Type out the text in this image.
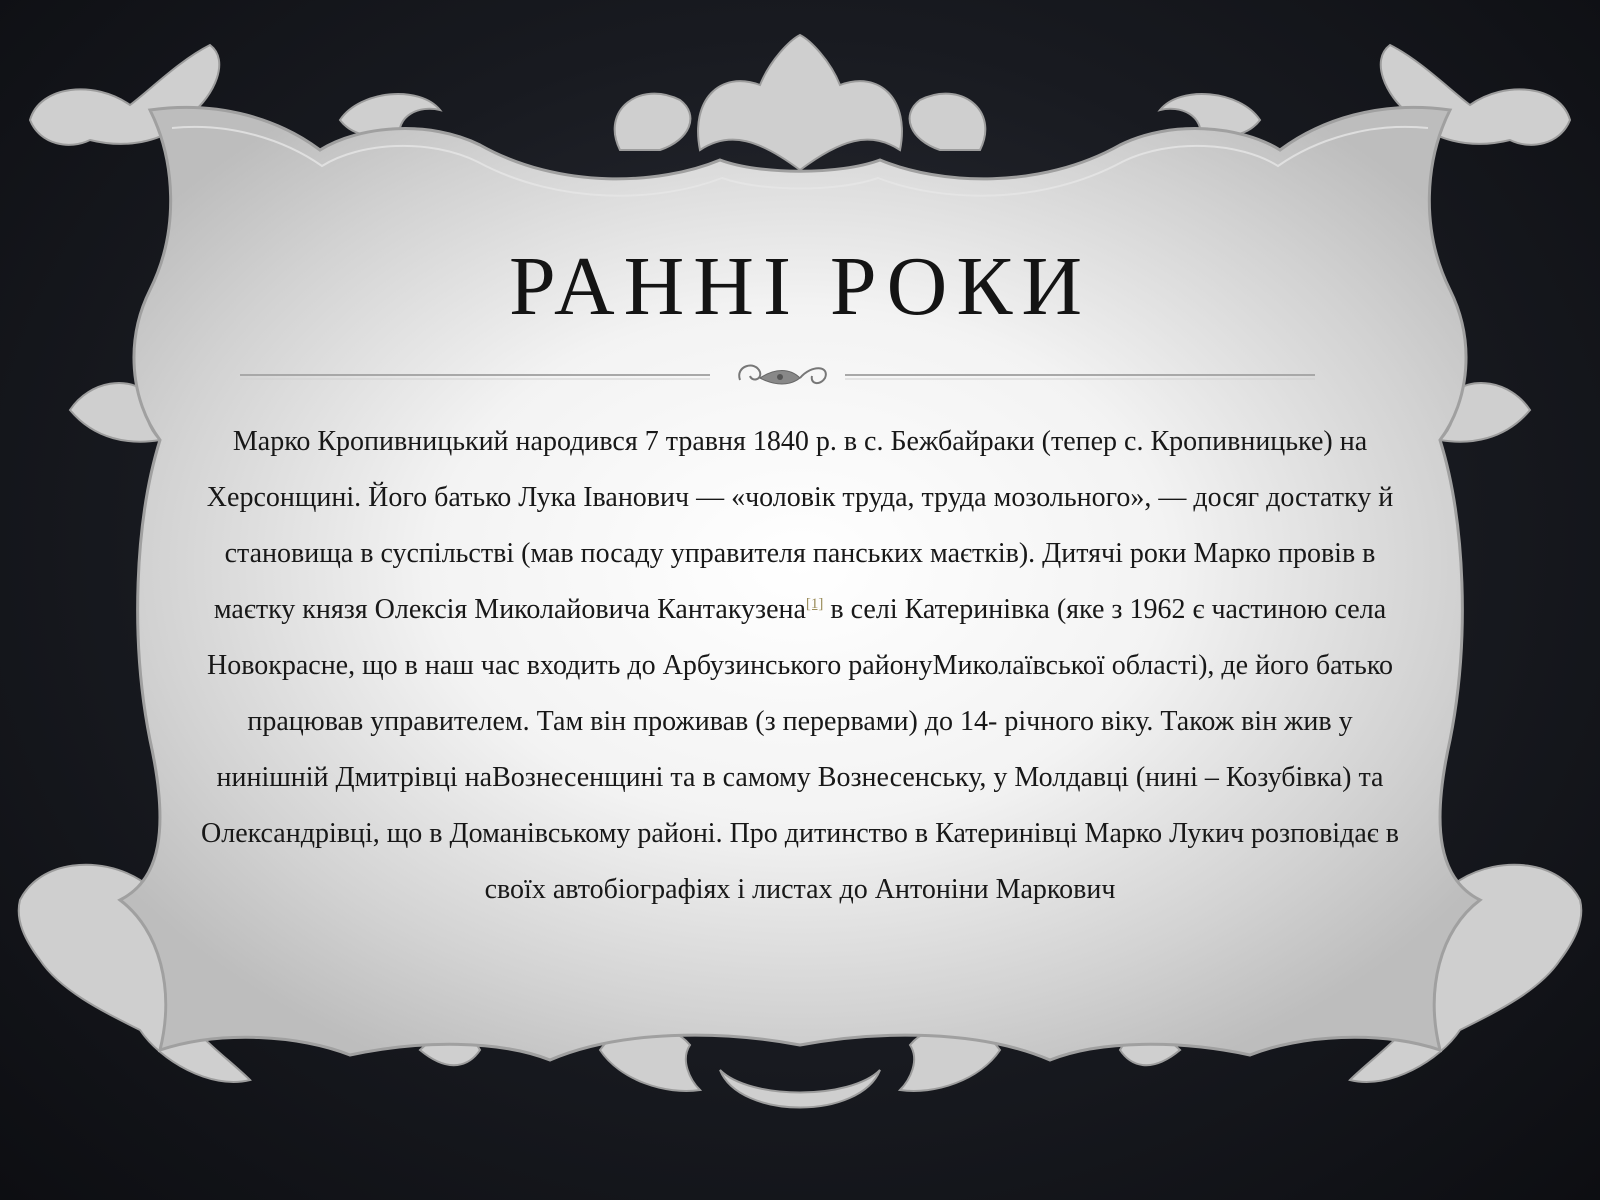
РАННІ РОКИ

Марко Кропивницький народився 7 травня 1840 р. в с. Бежбайраки (тепер с. Кропивницьке) на Херсонщині. Його батько Лука Іванович — «чоловік труда, труда мозольного», — досяг достатку й становища в суспільстві (мав посаду управителя панських маєтків). Дитячі роки Марко провів в маєтку князя Олексія Миколайовича Кантакузена[1] в селі Катеринівка (яке з 1962 є частиною села Новокрасне, що в наш час входить до Арбузинського районуМиколаївської області), де його батько працював управителем. Там він проживав (з перервами) до 14- річного віку. Також він жив у нинішній Дмитрівці наВознесенщині та в самому Вознесенську, у Молдавці (нині – Козубівка) та Олександрівці, що в Доманівському районі. Про дитинство в Катеринівці Марко Лукич розповідає в своїх автобіографіях і листах до Антоніни Маркович
